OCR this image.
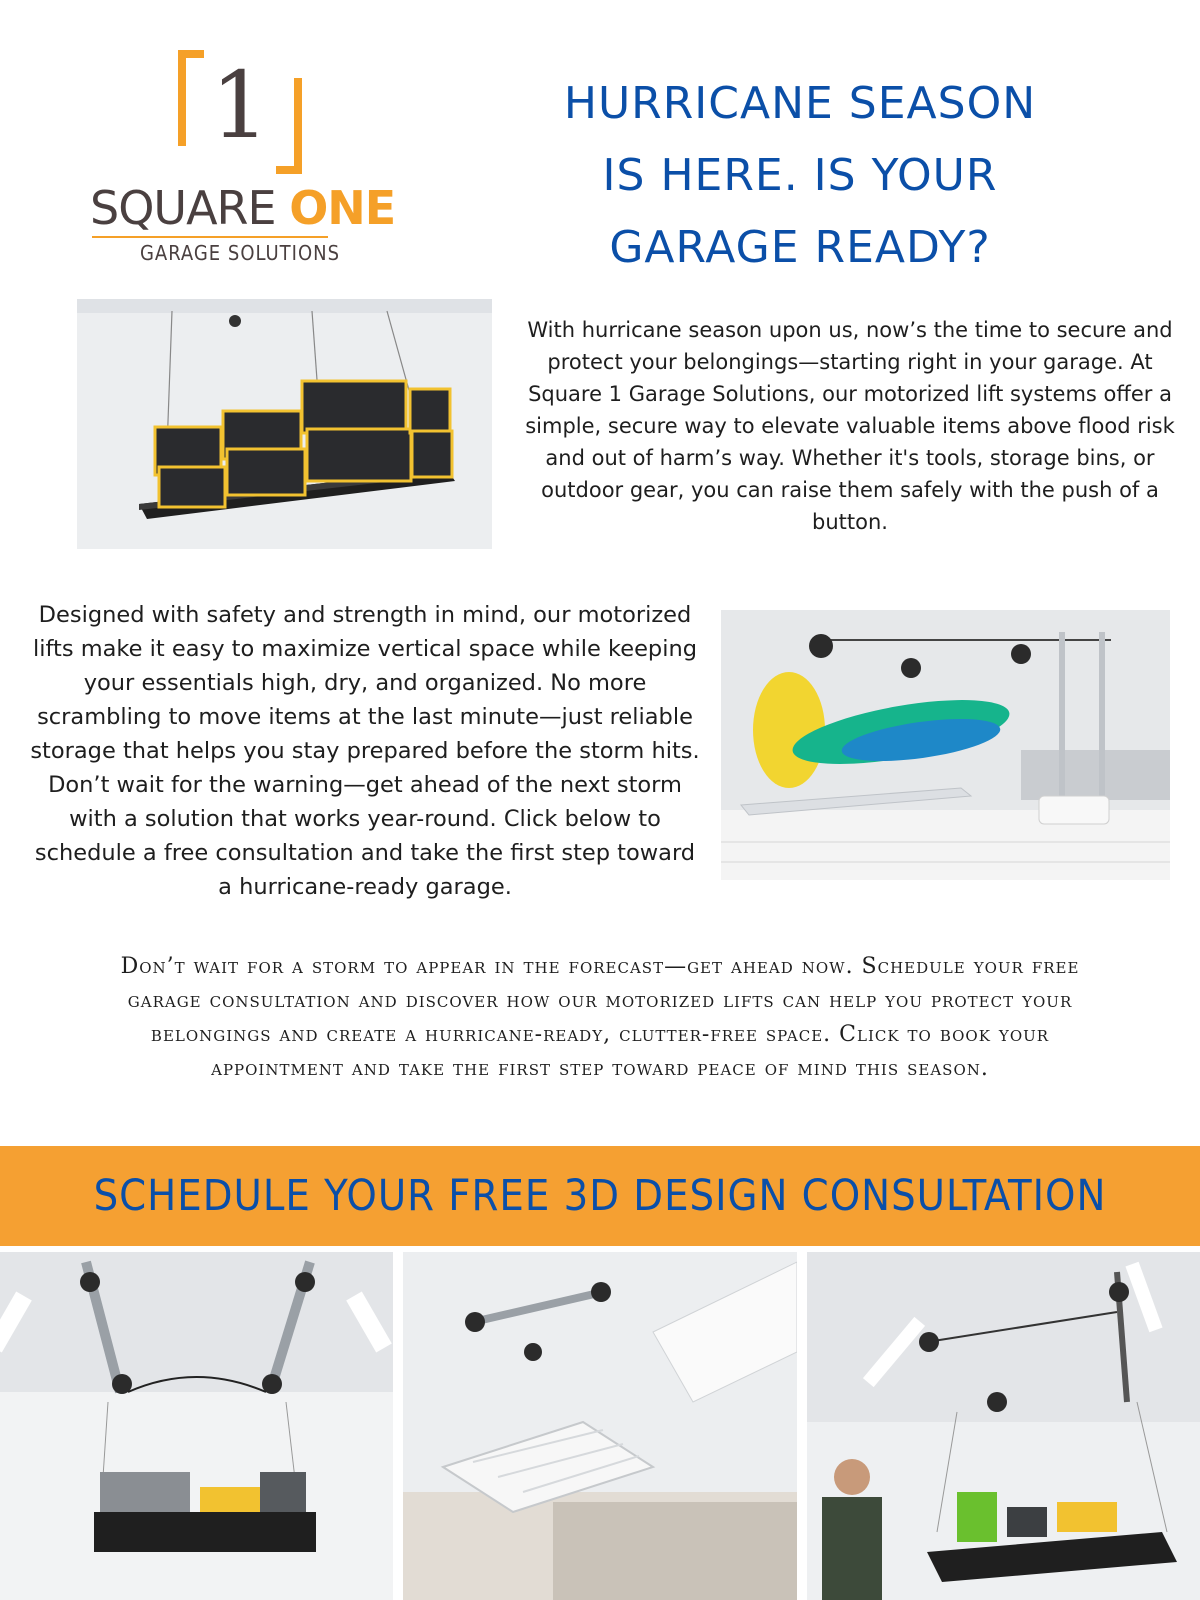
1
SQUARE ONE
GARAGE SOLUTIONS
HURRICANE SEASON
IS HERE. IS YOUR
GARAGE READY?

With hurricane season upon us, now’s the time to secure and protect your belongings—starting right in your garage. At Square 1 Garage Solutions, our motorized lift systems offer a simple, secure way to elevate valuable items above flood risk and out of harm’s way. Whether it's tools, storage bins, or outdoor gear, you can raise them safely with the push of a button.

Designed with safety and strength in mind, our motorized lifts make it easy to maximize vertical space while keeping your essentials high, dry, and organized. No more scrambling to move items at the last minute—just reliable storage that helps you stay prepared before the storm hits. Don’t wait for the warning—get ahead of the next storm with a solution that works year-round. Click below to schedule a free consultation and take the first step toward a hurricane-ready garage.

Don’t wait for a storm to appear in the forecast—get ahead now. Schedule your free garage consultation and discover how our motorized lifts can help you protect your belongings and create a hurricane-ready, clutter-free space. Click to book your appointment and take the first step toward peace of mind this season.

SCHEDULE YOUR FREE 3D DESIGN CONSULTATION
